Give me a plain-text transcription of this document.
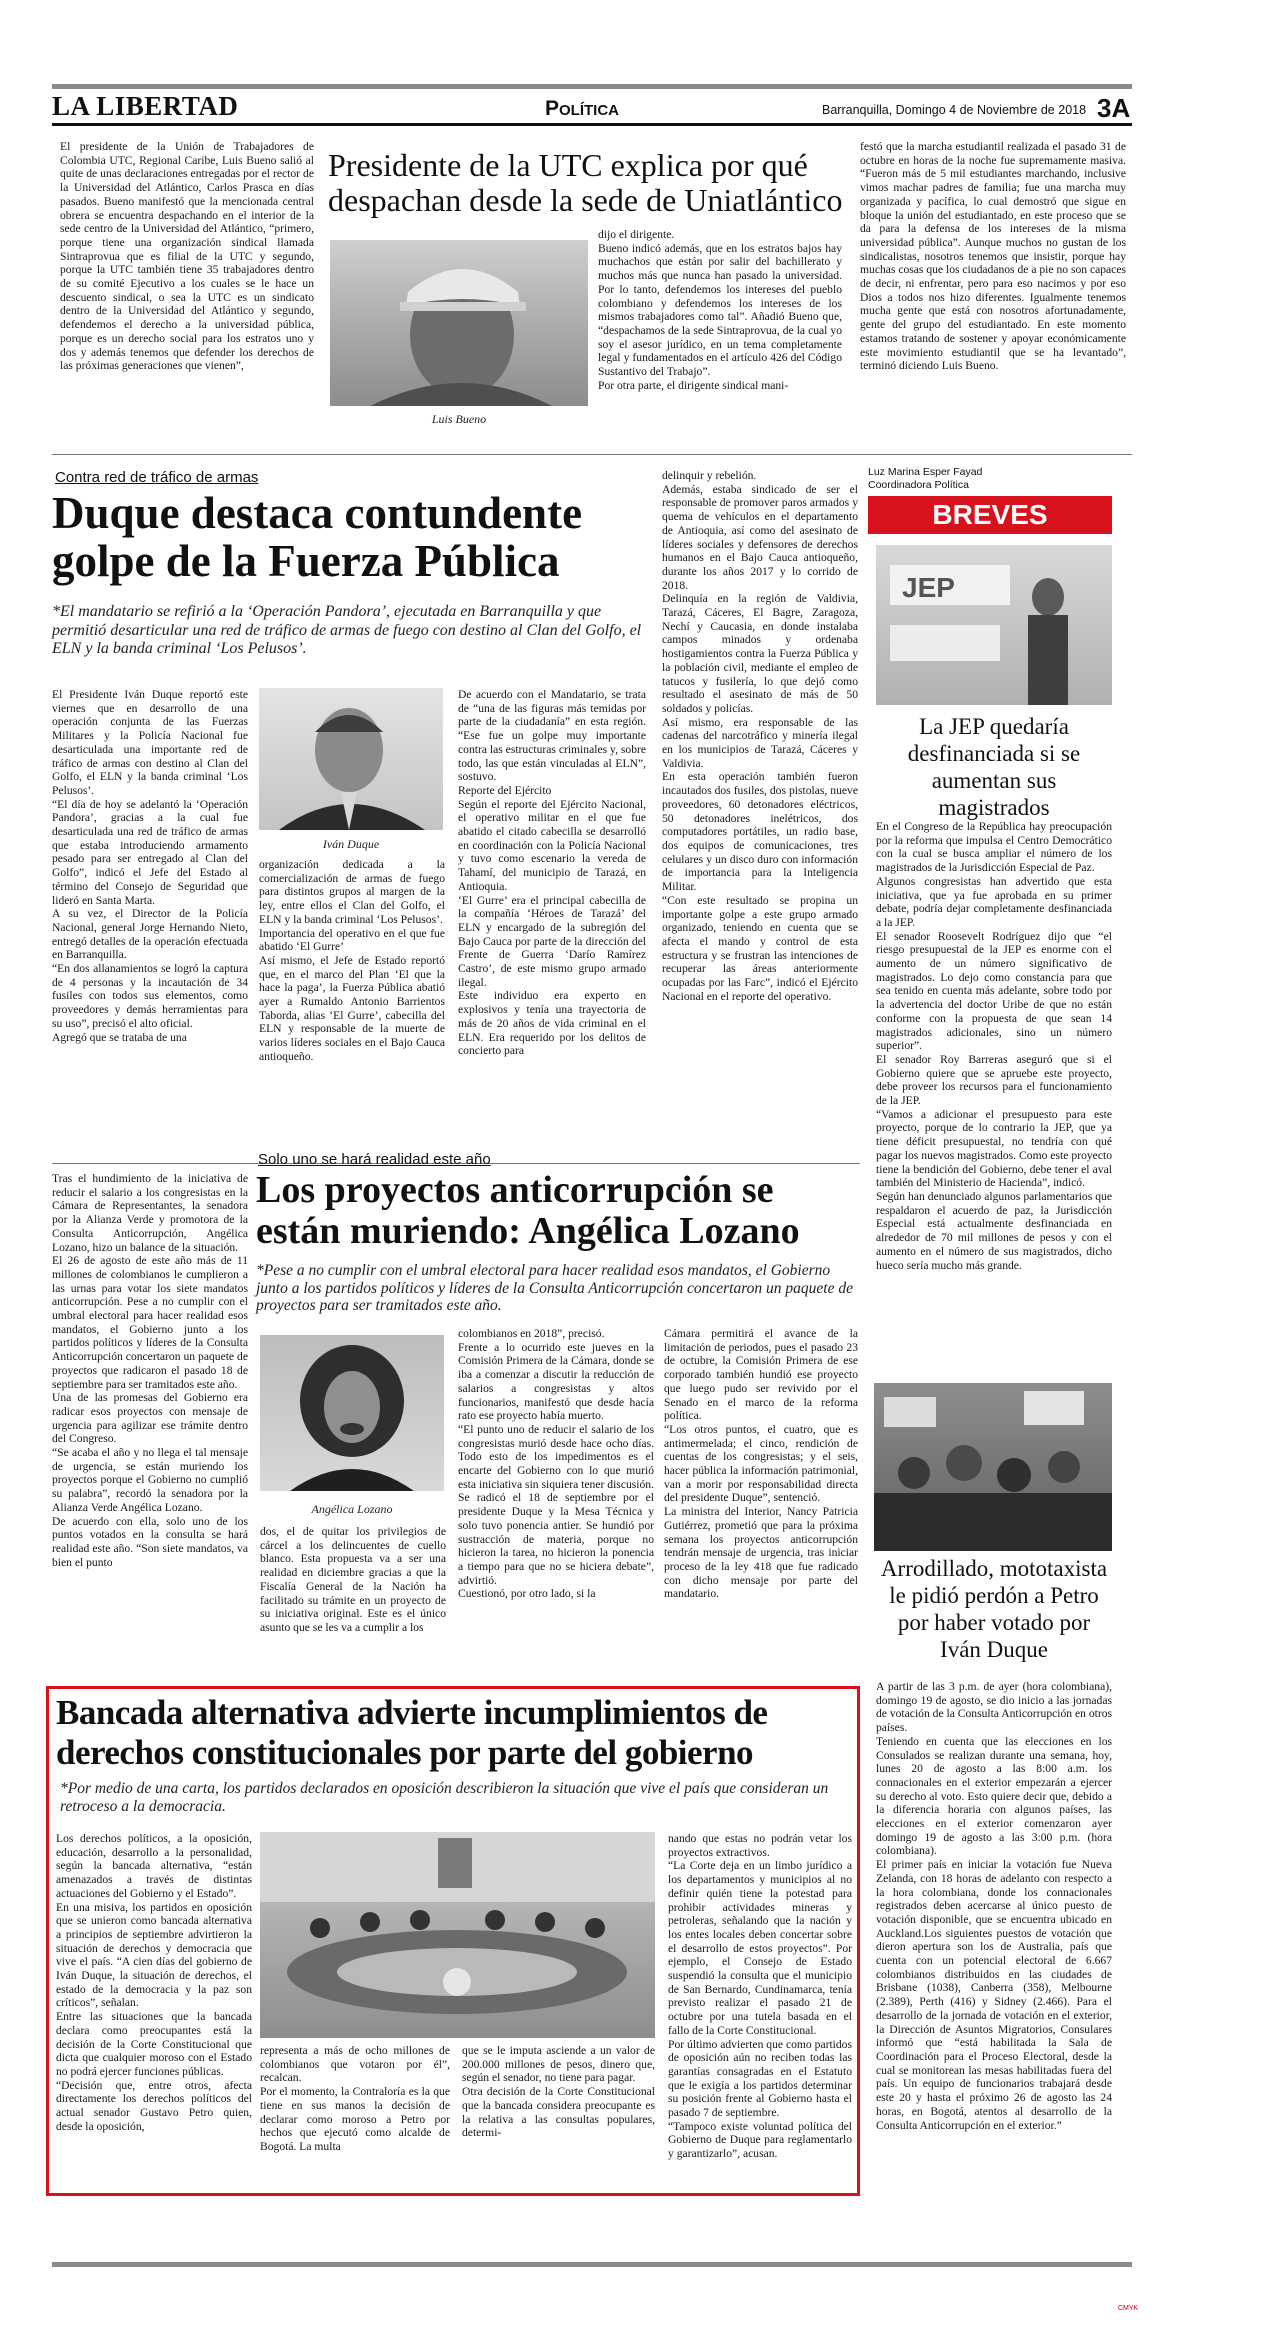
LA LIBERTAD	Política	Barranquilla, Domingo 4 de Noviembre de 2018 3A
El presidente de la Unión de Trabajadores de Colombia UTC, Regional Caribe, Luis Bueno salió al quite de unas declaraciones entregadas por el rector de la Universidad del Atlántico, Carlos Prasca en días pasados. Bueno manifestó que la mencionada central obrera se encuentra despachando en el interior de la sede centro de la Universidad del Atlántico, “primero, porque tiene una organización sindical llamada Sintraprovua que es filial de la UTC y segundo, porque la UTC también tiene 35 trabajadores dentro de su comité Ejecutivo a los cuales se le hace un descuento sindical, o sea la UTC es un sindicato dentro de la Universidad del Atlántico y segundo, defendemos el derecho a la universidad pública, porque es un derecho social para los estratos uno y dos y además tenemos que defender los derechos de las próximas generaciones que vienen”,
Presidente de la UTC explica por qué despachan desde la sede de Uniatlántico
Luis Bueno
dijo el dirigente.
Bueno indicó además, que en los estratos bajos hay muchachos que están por salir del bachillerato y muchos más que nunca han pasado la universidad. Por lo tanto, defendemos los intereses del pueblo colombiano y defendemos los intereses de los mismos trabajadores como tal”. Añadió Bueno que, “despachamos de la sede Sintraprovua, de la cual yo soy el asesor jurídico, en un tema completamente legal y fundamentados en el artículo 426 del Código Sustantivo del Trabajo”.
Por otra parte, el dirigente sindical mani-
festó que la marcha estudiantil realizada el pasado 31 de octubre en horas de la noche fue supremamente masiva. “Fueron más de 5 mil estudiantes marchando, inclusive vimos machar padres de familia; fue una marcha muy organizada y pacífica, lo cual demostró que sigue en bloque la unión del estudiantado, en este proceso que se da para la defensa de los intereses de la misma universidad pública”. Aunque muchos no gustan de los sindicalistas, nosotros tenemos que insistir, porque hay muchas cosas que los ciudadanos de a pie no son capaces de decir, ni enfrentar, pero para eso nacimos y por eso Dios a todos nos hizo diferentes. Igualmente tenemos mucha gente que está con nosotros afortunadamente, gente del grupo del estudiantado. En este momento estamos tratando de sostener y apoyar económicamente este movimiento estudiantil que se ha levantado”, terminó diciendo Luis Bueno.
Contra red de tráfico de armas
Duque destaca contundente golpe de la Fuerza Pública
*El mandatario se refirió a la ‘Operación Pandora’, ejecutada en Barranquilla y que permitió desarticular una red de tráfico de armas de fuego con destino al Clan del Golfo, el ELN y la banda criminal ‘Los Pelusos’.
El Presidente Iván Duque reportó este viernes que en desarrollo de una operación conjunta de las Fuerzas Militares y la Policía Nacional fue desarticulada una importante red de tráfico de armas con destino al Clan del Golfo, el ELN y la banda criminal ‘Los Pelusos’.
“El día de hoy se adelantó la ‘Operación Pandora’, gracias a la cual fue desarticulada una red de tráfico de armas que estaba introduciendo armamento pesado para ser entregado al Clan del Golfo”, indicó el Jefe del Estado al término del Consejo de Seguridad que lideró en Santa Marta.
A su vez, el Director de la Policía Nacional, general Jorge Hernando Nieto, entregó detalles de la operación efectuada en Barranquilla.
“En dos allanamientos se logró la captura de 4 personas y la incautación de 34 fusiles con todos sus elementos, como proveedores y demás herramientas para su uso”, precisó el alto oficial.
Agregó que se trataba de una
Iván Duque
organización dedicada a la comercialización de armas de fuego para distintos grupos al margen de la ley, entre ellos el Clan del Golfo, el ELN y la banda criminal ‘Los Pelusos’.
Importancia del operativo en el que fue abatido ‘El Gurre’
Así mismo, el Jefe de Estado reportó que, en el marco del Plan ‘El que la hace la paga’, la Fuerza Pública abatió ayer a Rumaldo Antonio Barrientos Taborda, alias ‘El Gurre’, cabecilla del ELN y responsable de la muerte de varios líderes sociales en el Bajo Cauca antioqueño.
De acuerdo con el Mandatario, se trata de “una de las figuras más temidas por parte de la ciudadanía” en esta región. “Ese fue un golpe muy importante contra las estructuras criminales y, sobre todo, las que están vinculadas al ELN”, sostuvo.
Reporte del Ejército
Según el reporte del Ejército Nacional, el operativo militar en el que fue abatido el citado cabecilla se desarrolló en coordinación con la Policía Nacional y tuvo como escenario la vereda de Tahamí, del municipio de Tarazá, en Antioquia.
‘El Gurre’ era el principal cabecilla de la compañía ‘Héroes de Tarazá’ del ELN y encargado de la subregión del Bajo Cauca por parte de la dirección del Frente de Guerra ‘Darío Ramírez Castro’, de este mismo grupo armado ilegal.
Este individuo era experto en explosivos y tenía una trayectoria de más de 20 años de vida criminal en el ELN. Era requerido por los delitos de concierto para
delinquir y rebelión.
Además, estaba sindicado de ser el responsable de promover paros armados y quema de vehículos en el departamento de Antioquia, así como del asesinato de líderes sociales y defensores de derechos humanos en el Bajo Cauca antioqueño, durante los años 2017 y lo corrido de 2018.
Delinquía en la región de Valdivia, Tarazá, Cáceres, El Bagre, Zaragoza, Nechí y Caucasia, en donde instalaba campos minados y ordenaba hostigamientos contra la Fuerza Pública y la población civil, mediante el empleo de tatucos y fusilería, lo que dejó como resultado el asesinato de más de 50 soldados y policías.
Así mismo, era responsable de las cadenas del narcotráfico y minería ilegal en los municipios de Tarazá, Cáceres y Valdivia.
En esta operación también fueron incautados dos fusiles, dos pistolas, nueve proveedores, 60 detonadores eléctricos, 50 detonadores inelétricos, dos computadores portátiles, un radio base, dos equipos de comunicaciones, tres celulares y un disco duro con información de importancia para la Inteligencia Militar.
“Con este resultado se propina un importante golpe a este grupo armado organizado, teniendo en cuenta que se afecta el mando y control de esta estructura y se frustran las intenciones de recuperar las áreas anteriormente ocupadas por las Farc”, indicó el Ejército Nacional en el reporte del operativo.
Luz Marina Esper Fayad
Coordinadora Política
BREVES
JEP
La JEP quedaría desfinanciada si se aumentan sus magistrados
En el Congreso de la República hay preocupación por la reforma que impulsa el Centro Democrático con la cual se busca ampliar el número de los magistrados de la Jurisdicción Especial de Paz.
Algunos congresistas han advertido que esta iniciativa, que ya fue aprobada en su primer debate, podría dejar completamente desfinanciada a la JEP.
El senador Roosevelt Rodríguez dijo que “el riesgo presupuestal de la JEP es enorme con el aumento de un número significativo de magistrados. Lo dejo como constancia para que sea tenido en cuenta más adelante, sobre todo por la advertencia del doctor Uribe de que no están conforme con la propuesta de que sean 14 magistrados adicionales, sino un número superior”.
El senador Roy Barreras aseguró que si el Gobierno quiere que se apruebe este proyecto, debe proveer los recursos para el funcionamiento de la JEP.
“Vamos a adicionar el presupuesto para este proyecto, porque de lo contrario la JEP, que ya tiene déficit presupuestal, no tendría con qué pagar los nuevos magistrados. Como este proyecto tiene la bendición del Gobierno, debe tener el aval también del Ministerio de Hacienda”, indicó.
Según han denunciado algunos parlamentarios que respaldaron el acuerdo de paz, la Jurisdicción Especial está actualmente desfinanciada en alrededor de 70 mil millones de pesos y con el aumento en el número de sus magistrados, dicho hueco sería mucho más grande.
Arrodillado, mototaxista le pidió perdón a Petro por haber votado por Iván Duque
A partir de las 3 p.m. de ayer (hora colombiana), domingo 19 de agosto, se dio inicio a las jornadas de votación de la Consulta Anticorrupción en otros países.
Teniendo en cuenta que las elecciones en los Consulados se realizan durante una semana, hoy, lunes 20 de agosto a las 8:00 a.m. los connacionales en el exterior empezarán a ejercer su derecho al voto. Esto quiere decir que, debido a la diferencia horaria con algunos países, las elecciones en el exterior comenzaron ayer domingo 19 de agosto a las 3:00 p.m. (hora colombiana).
El primer país en iniciar la votación fue Nueva Zelanda, con 18 horas de adelanto con respecto a la hora colombiana, donde los connacionales registrados deben acercarse al único puesto de votación disponible, que se encuentra ubicado en Auckland.Los siguientes puestos de votación que dieron apertura son los de Australia, país que cuenta con un potencial electoral de 6.667 colombianos distribuidos en las ciudades de Brisbane (1038), Canberra (358), Melbourne (2.389), Perth (416) y Sidney (2.466). Para el desarrollo de la jornada de votación en el exterior, la Dirección de Asuntos Migratorios, Consulares informó que “está habilitada la Sala de Coordinación para el Proceso Electoral, desde la cual se monitorean las mesas habilitadas fuera del país. Un equipo de funcionarios trabajará desde este 20 y hasta el próximo 26 de agosto las 24 horas, en Bogotá, atentos al desarrollo de la Consulta Anticorrupción en el exterior.”
Tras el hundimiento de la iniciativa de reducir el salario a los congresistas en la Cámara de Representantes, la senadora por la Alianza Verde y promotora de la Consulta Anticorrupción, Angélica Lozano, hizo un balance de la situación.
El 26 de agosto de este año más de 11 millones de colombianos le cumplieron a las urnas para votar los siete mandatos anticorrupción. Pese a no cumplir con el umbral electoral para hacer realidad esos mandatos, el Gobierno junto a los partidos políticos y líderes de la Consulta Anticorrupción concertaron un paquete de proyectos que radicaron el pasado 18 de septiembre para ser tramitados este año.
Una de las promesas del Gobierno era radicar esos proyectos con mensaje de urgencia para agilizar ese trámite dentro del Congreso.
“Se acaba el año y no llega el tal mensaje de urgencia, se están muriendo los proyectos porque el Gobierno no cumplió su palabra”, recordó la senadora por la Alianza Verde Angélica Lozano.
De acuerdo con ella, solo uno de los puntos votados en la consulta se hará realidad este año. “Son siete mandatos, va bien el punto
Solo uno se hará realidad este año
Los proyectos anticorrupción se están muriendo: Angélica Lozano
*Pese a no cumplir con el umbral electoral para hacer realidad esos mandatos, el Gobierno junto a los partidos políticos y líderes de la Consulta Anticorrupción concertaron un paquete de proyectos para ser tramitados este año.
Angélica Lozano
dos, el de quitar los privilegios de cárcel a los delincuentes de cuello blanco. Esta propuesta va a ser una realidad en diciembre gracias a que la Fiscalía General de la Nación ha facilitado su trámite en un proyecto de su iniciativa original. Este es el único asunto que se les va a cumplir a los
colombianos en 2018”, precisó.
Frente a lo ocurrido este jueves en la Comisión Primera de la Cámara, donde se iba a comenzar a discutir la reducción de salarios a congresistas y altos funcionarios, manifestó que desde hacía rato ese proyecto había muerto.
“El punto uno de reducir el salario de los congresistas murió desde hace ocho días. Todo esto de los impedimentos es el encarte del Gobierno con lo que murió esta iniciativa sin siquiera tener discusión. Se radicó el 18 de septiembre por el presidente Duque y la Mesa Técnica y solo tuvo ponencia antier. Se hundió por sustracción de materia, porque no hicieron la tarea, no hicieron la ponencia a tiempo para que no se hiciera debate”, advirtió.
Cuestionó, por otro lado, si la
Cámara permitirá el avance de la limitación de periodos, pues el pasado 23 de octubre, la Comisión Primera de ese corporado también hundió ese proyecto que luego pudo ser revivido por el Senado en el marco de la reforma política.
“Los otros puntos, el cuatro, que es antimermelada; el cinco, rendición de cuentas de los congresistas; y el seis, hacer pública la información patrimonial, van a morir por responsabilidad directa del presidente Duque”, sentenció.
La ministra del Interior, Nancy Patricia Gutiérrez, prometió que para la próxima semana los proyectos anticorrupción tendrán mensaje de urgencia, tras iniciar proceso de la ley 418 que fue radicado con dicho mensaje por parte del mandatario.
Bancada alternativa advierte incumplimientos de derechos constitucionales por parte del gobierno
*Por medio de una carta, los partidos declarados en oposición describieron la situación que vive el país que consideran un retroceso a la democracia.
Los derechos políticos, a la oposición, educación, desarrollo a la personalidad, según la bancada alternativa, “están amenazados a través de distintas actuaciones del Gobierno y el Estado”.
En una misiva, los partidos en oposición que se unieron como bancada alternativa a principios de septiembre advirtieron la situación de derechos y democracia que vive el país. “A cien días del gobierno de Iván Duque, la situación de derechos, el estado de la democracia y la paz son críticos”, señalan.
Entre las situaciones que la bancada declara como preocupantes está la decisión de la Corte Constitucional que dicta que cualquier moroso con el Estado no podrá ejercer funciones públicas.
“Decisión que, entre otros, afecta directamente los derechos políticos del actual senador Gustavo Petro quien, desde la oposición,
representa a más de ocho millones de colombianos que votaron por él”, recalcan.
Por el momento, la Contraloría es la que tiene en sus manos la decisión de declarar como moroso a Petro por hechos que ejecutó como alcalde de Bogotá. La multa
que se le imputa asciende a un valor de 200.000 millones de pesos, dinero que, según el senador, no tiene para pagar.
Otra decisión de la Corte Constitucional que la bancada considera preocupante es la relativa a las consultas populares, determi-
nando que estas no podrán vetar los proyectos extractivos.
“La Corte deja en un limbo jurídico a los departamentos y municipios al no definir quién tiene la potestad para prohibir actividades mineras y petroleras, señalando que la nación y los entes locales deben concertar sobre el desarrollo de estos proyectos”. Por ejemplo, el Consejo de Estado suspendió la consulta que el municipio de San Bernardo, Cundinamarca, tenía previsto realizar el pasado 21 de octubre por una tutela basada en el fallo de la Corte Constitucional.
Por último advierten que como partidos de oposición aún no reciben todas las garantías consagradas en el Estatuto que le exigía a los partidos determinar su posición frente al Gobierno hasta el pasado 7 de septiembre.
“Tampoco existe voluntad política del Gobierno de Duque para reglamentarlo y garantizarlo”, acusan.
CMYK
